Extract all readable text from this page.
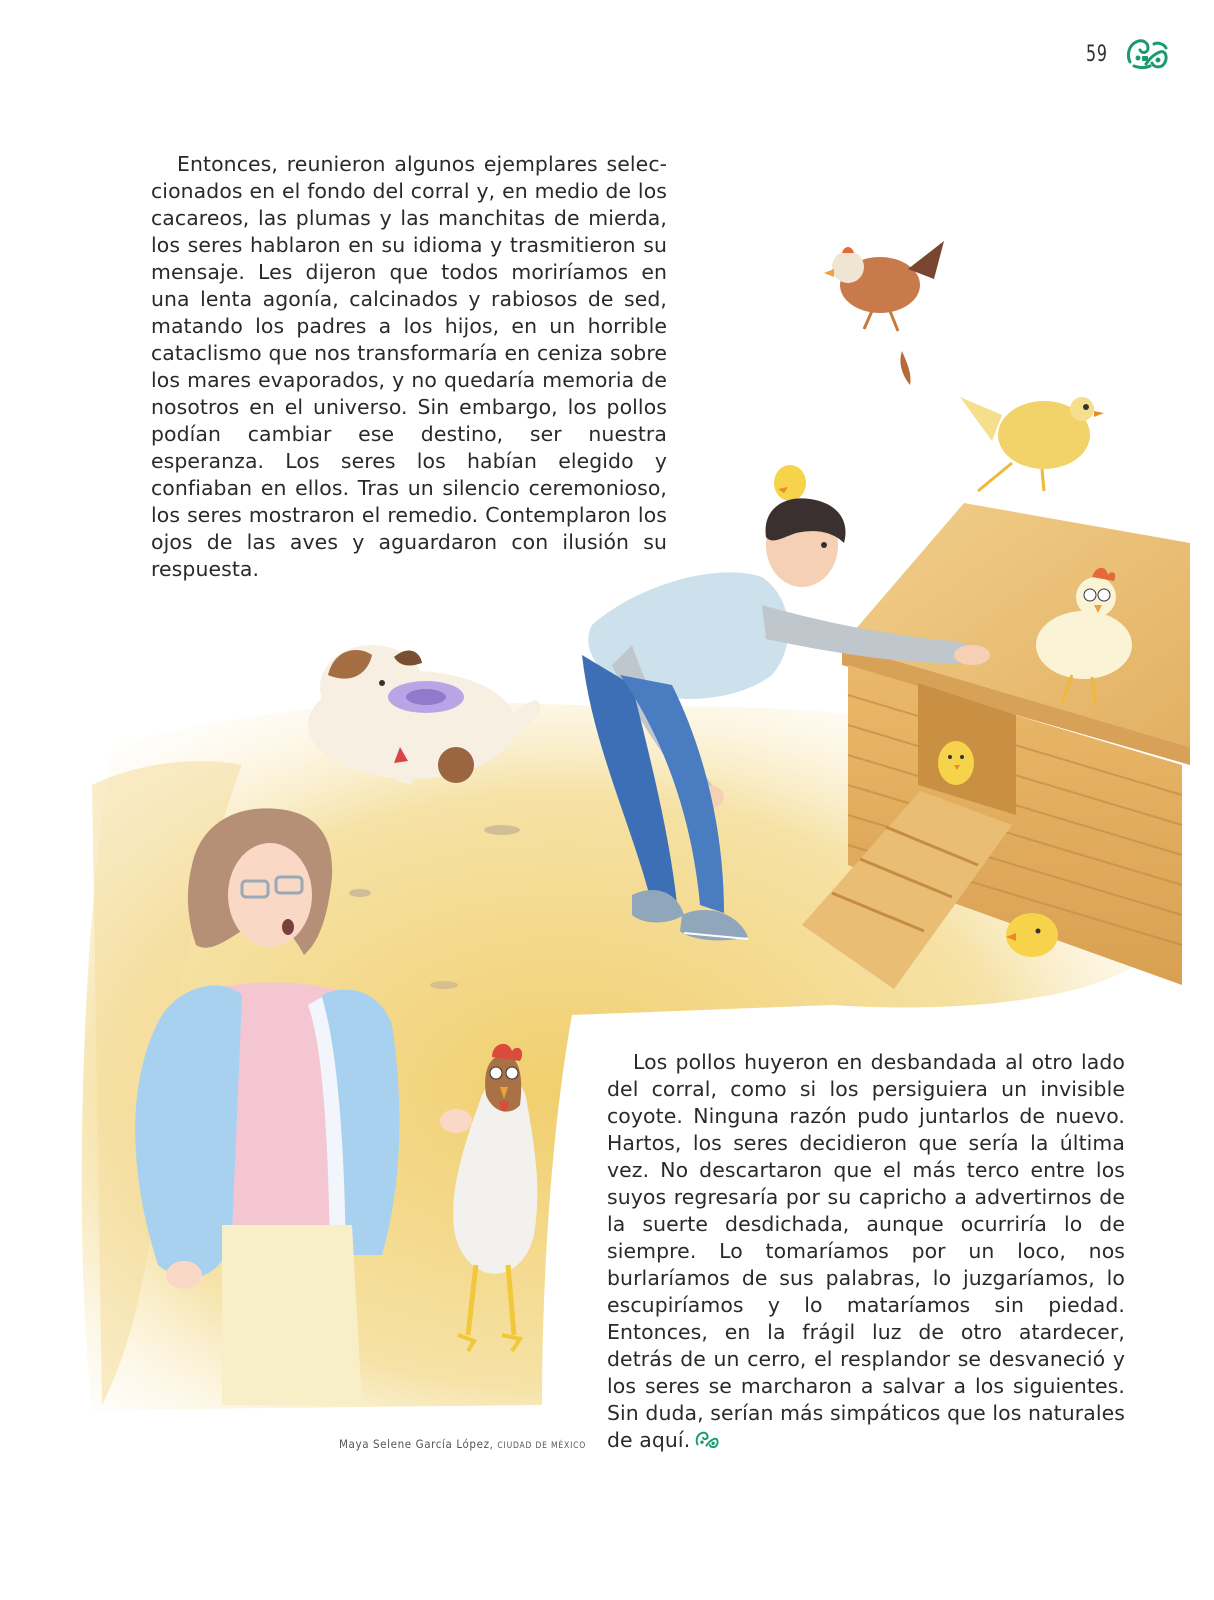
59

Entonces, reunieron algunos ejemplares seleccionados en el fondo del corral y, en medio de los cacareos, las plumas y las manchitas de mierda, los seres hablaron en su idioma y trasmitieron su mensaje. Les dijeron que todos moriríamos en una lenta agonía, calcinados y rabiosos de sed, matando los padres a los hijos, en un horrible cataclismo que nos transformaría en ceniza sobre los mares evaporados, y no quedaría memoria de nosotros en el universo. Sin embargo, los pollos podían cambiar ese destino, ser nuestra esperanza. Los seres los habían elegido y confiaban en ellos. Tras un silencio ceremonioso, los seres mostraron el remedio. Contemplaron los ojos de las aves y aguardaron con ilusión su respuesta.

Los pollos huyeron en desbandada al otro lado del corral, como si los persiguiera un invisible coyote. Ninguna razón pudo juntarlos de nuevo. Hartos, los seres decidieron que sería la última vez. No descartaron que el más terco entre los suyos regresaría por su capricho a advertirnos de la suerte desdichada, aunque ocurriría lo de siempre. Lo tomaríamos por un loco, nos burlaríamos de sus palabras, lo juzgaríamos, lo escupiríamos y lo mataríamos sin piedad. Entonces, en la frágil luz de otro atardecer, detrás de un cerro, el resplandor se desvaneció y los seres se marcharon a salvar a los siguientes. Sin duda, serían más simpáticos que los naturales de aquí.

Maya Selene García López, CIUDAD DE MÉXICO
